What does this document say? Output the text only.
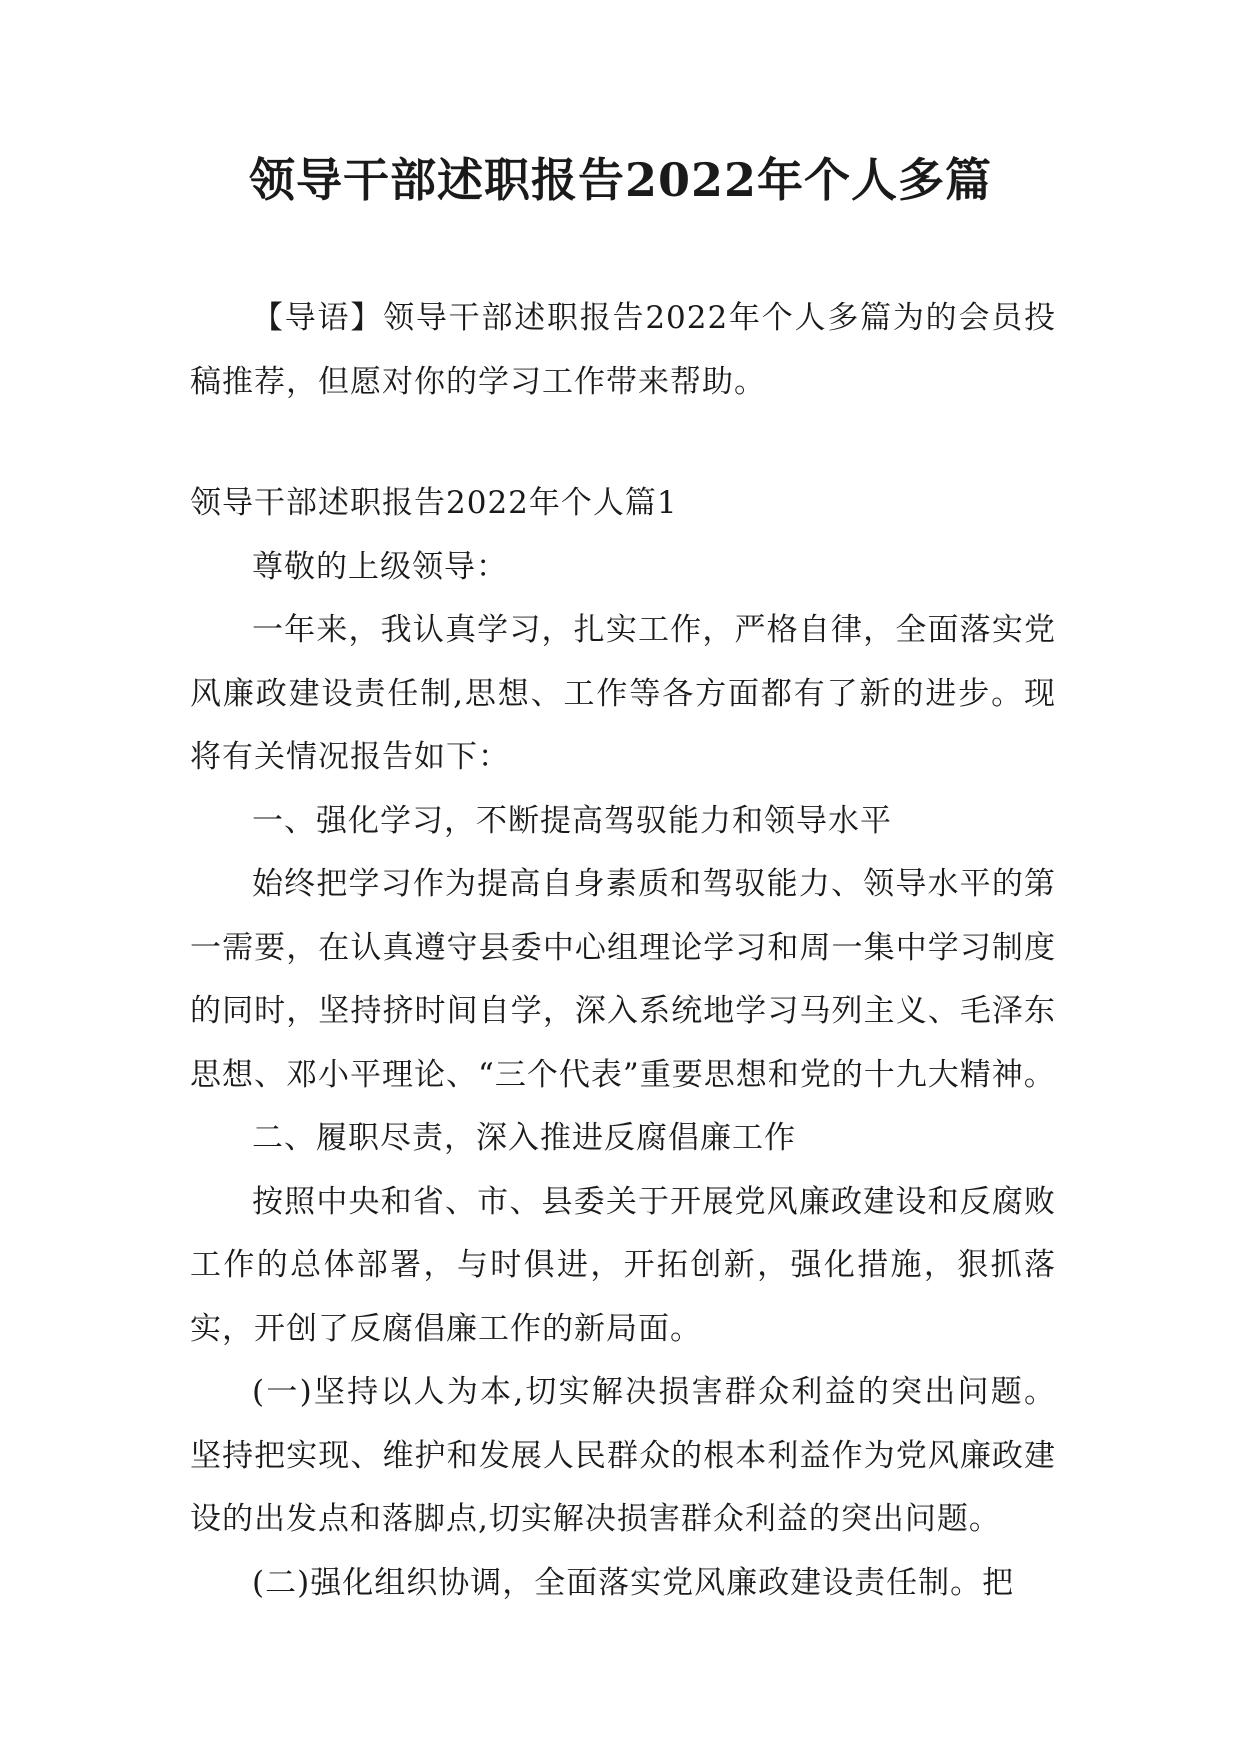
领导干部述职报告2022年个人多篇

【导语】领导干部述职报告2022年个人多篇为的会员投稿推荐，但愿对你的学习工作带来帮助。

领导干部述职报告2022年个人篇1

尊敬的上级领导：

一年来，我认真学习，扎实工作，严格自律，全面落实党风廉政建设责任制,思想、工作等各方面都有了新的进步。现将有关情况报告如下：

一、强化学习，不断提高驾驭能力和领导水平

始终把学习作为提高自身素质和驾驭能力、领导水平的第一需要，在认真遵守县委中心组理论学习和周一集中学习制度的同时，坚持挤时间自学，深入系统地学习马列主义、毛泽东思想、邓小平理论、“三个代表”重要思想和党的十九大精神。

二、履职尽责，深入推进反腐倡廉工作

按照中央和省、市、县委关于开展党风廉政建设和反腐败工作的总体部署，与时俱进，开拓创新，强化措施，狠抓落实，开创了反腐倡廉工作的新局面。

(一)坚持以人为本,切实解决损害群众利益的突出问题。坚持把实现、维护和发展人民群众的根本利益作为党风廉政建设的出发点和落脚点,切实解决损害群众利益的突出问题。

(二)强化组织协调，全面落实党风廉政建设责任制。把
